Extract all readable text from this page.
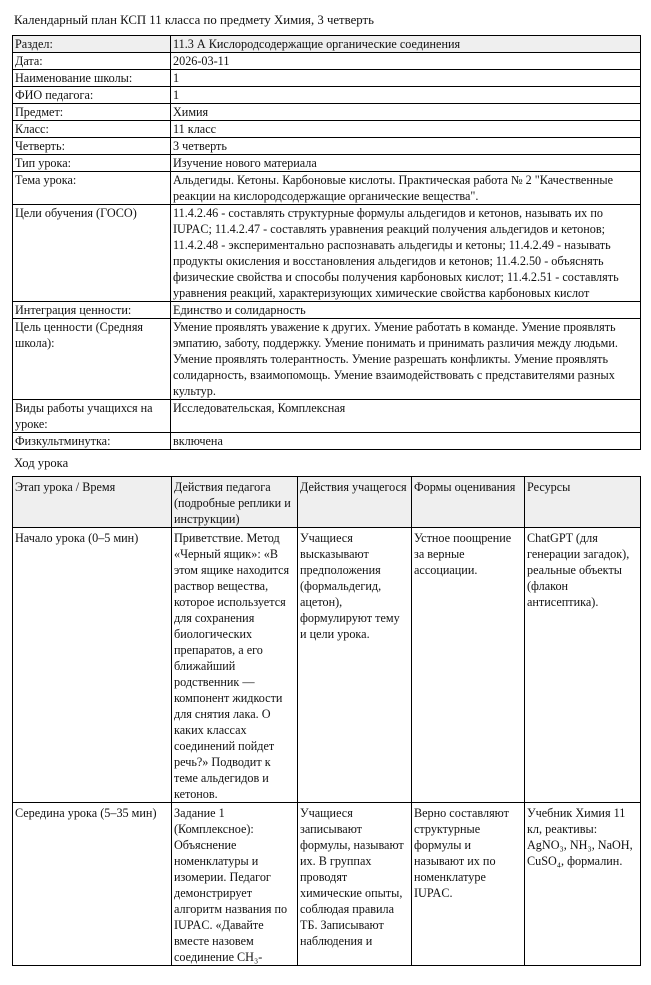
Календарный план КСП 11 класса по предмету Химия, 3 четверть
Раздел:	11.3 А Кислородсодержащие органические соединения
Дата:	2026-03-11
Наименование школы:	1
ФИО педагога:	1
Предмет:	Химия
Класс:	11 класс
Четверть:	3 четверть
Тип урока:	Изучение нового материала
Тема урока:	Альдегиды. Кетоны. Карбоновые кислоты. Практическая работа № 2 "Качественные реакции на кислородсодержащие органические вещества".
Цели обучения (ГОСО)	11.4.2.46 - составлять структурные формулы альдегидов и кетонов, называть их по IUPAC; 11.4.2.47 - составлять уравнения реакций получения альдегидов и кетонов; 11.4.2.48 - экспериментально распознавать альдегиды и кетоны; 11.4.2.49 - называть продукты окисления и восстановления альдегидов и кетонов; 11.4.2.50 - объяснять физические свойства и способы получения карбоновых кислот; 11.4.2.51 - составлять уравнения реакций, характеризующих химические свойства карбоновых кислот
Интеграция ценности:	Единство и солидарность
Цель ценности (Средняя школа):	Умение проявлять уважение к других. Умение работать в команде. Умение проявлять эмпатию, заботу, поддержку. Умение понимать и принимать различия между людьми. Умение проявлять толерантность. Умение разрешать конфликты. Умение проявлять солидарность, взаимопомощь. Умение взаимодействовать с представителями разных культур.
Виды работы учащихся на уроке:	Исследовательская, Комплексная
Физкультминутка:	включена
Ход урока
Этап урока / Время	Действия педагога (подробные реплики и инструкции)	Действия учащегося	Формы оценивания	Ресурсы
Начало урока (0–5 мин)	Приветствие. Метод «Черный ящик»: «В этом ящике находится раствор вещества, которое используется для сохранения биологических препаратов, а его ближайший родственник — компонент жидкости для снятия лака. О каких классах соединений пойдет речь?» Подводит к теме альдегидов и кетонов.	Учащиеся высказывают предположения (формальдегид, ацетон), формулируют тему и цели урока.	Устное поощрение за верные ассоциации.	ChatGPT (для генерации загадок), реальные объекты (флакон антисептика).
Середина урока (5–35 мин)	Задание 1 (Комплексное): Объяснение номенклатуры и изомерии. Педагог демонстрирует алгоритм названия по IUPAC. «Давайте вместе назовем соединение CH₃-	Учащиеся записывают формулы, называют их. В группах проводят химические опыты, соблюдая правила ТБ. Записывают наблюдения и	Верно составляют структурные формулы и называют их по номенклатуре IUPAC.	Учебник Химия 11 кл, реактивы: AgNO₃, NH₃, NaOH, CuSO₄, формалин.
